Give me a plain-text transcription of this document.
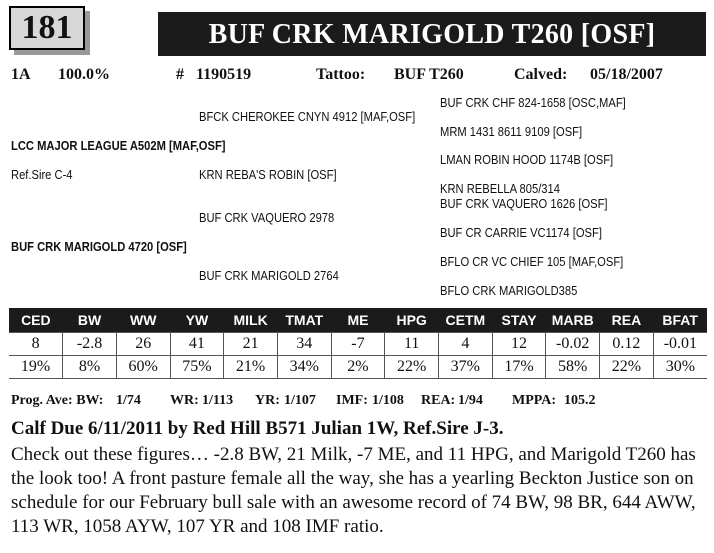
181	BUF CRK MARIGOLD T260 [OSF]
1A 100.0%	# 1190519	Tattoo: BUF T260	Calved: 05/18/2007
BFCK CHEROKEE CNYN 4912 [MAF,OSF]
BUF CRK CHF 824-1658 [OSC,MAF]
MRM 1431 8611 9109 [OSF]
LCC MAJOR LEAGUE A502M [MAF,OSF]
LMAN ROBIN HOOD 1174B [OSF]
Ref.Sire C-4	KRN REBA'S ROBIN [OSF]
KRN REBELLA 805/314
BUF CRK VAQUERO 1626 [OSF]
BUF CRK VAQUERO 2978
BUF CR CARRIE VC1174 [OSF]
BUF CRK MARIGOLD 4720 [OSF]
BFLO CR VC CHIEF 105 [MAF,OSF]
BUF CRK MARIGOLD 2764
BFLO CRK MARIGOLD385
CED	BW	WW	YW	MILK	TMAT	ME	HPG	CETM	STAY	MARB	REA	BFAT
8	-2.8	26	41	21	34	-7	11	4	12	-0.02	0.12	-0.01
19%	8%	60%	75%	21%	34%	2%	22%	37%	17%	58%	22%	30%
Prog. Ave: BW: 1/74 WR: 1/113 YR: 1/107 IMF: 1/108 REA: 1/94 MPPA: 105.2
Calf Due 6/11/2011 by Red Hill B571 Julian 1W, Ref.Sire J-3.
Check out these figures… -2.8 BW, 21 Milk, -7 ME, and 11 HPG, and Marigold T260 has the look too! A front pasture female all the way, she has a yearling Beckton Justice son on schedule for our February bull sale with an awesome record of 74 BW, 98 BR, 644 AWW, 113 WR, 1058 AYW, 107 YR and 108 IMF ratio.
